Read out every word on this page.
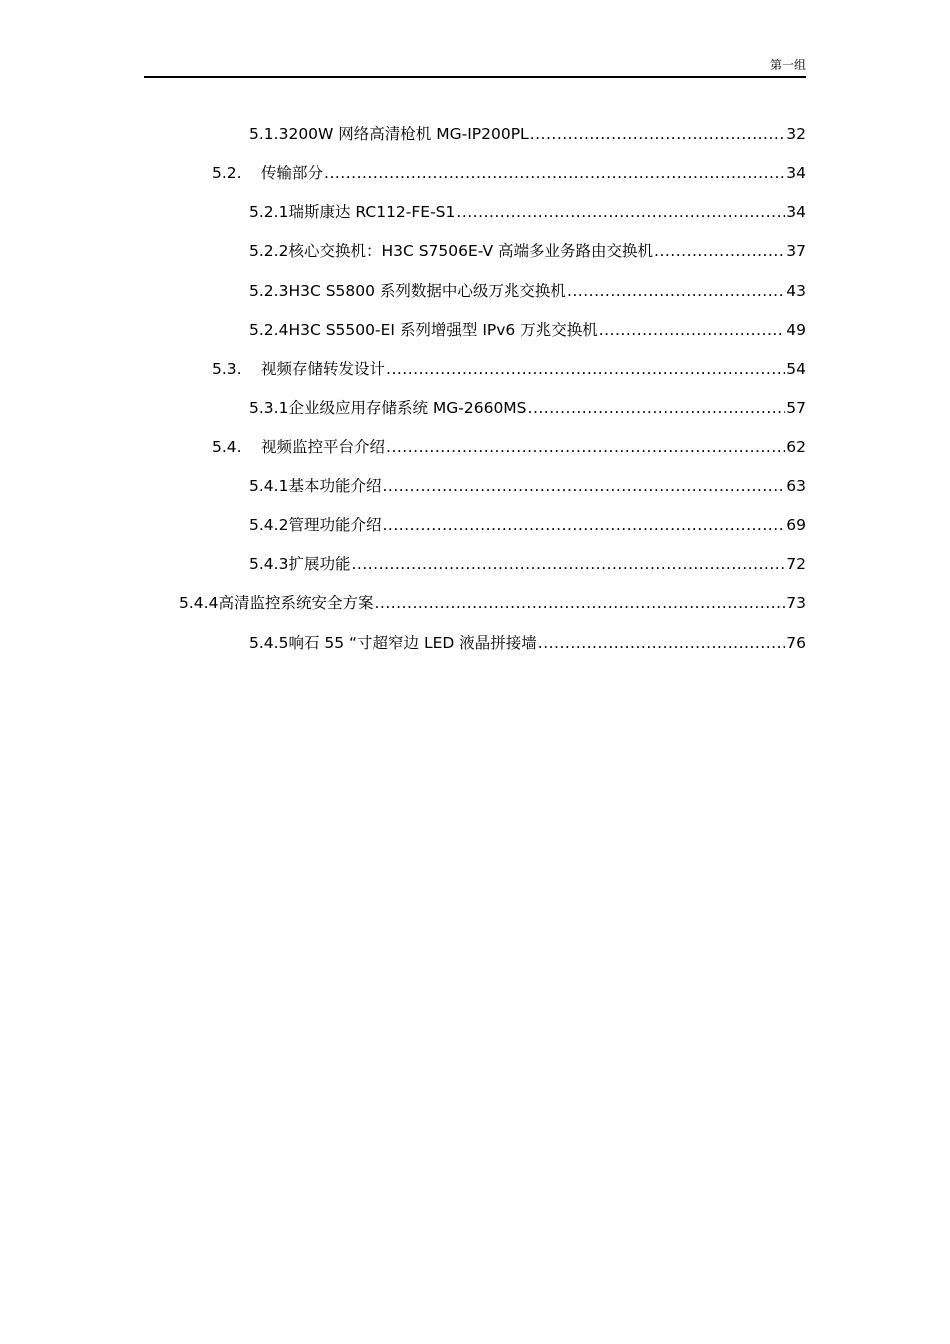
第一组
5.1.3 200W 网络高清枪机 MG-IP200PL .....	32
5.2.	传输部分 .....	34
5.2.1 瑞斯康达 RC112-FE-S1 .....	34
5.2.2 核心交换机：H3C S7506E-V 高端多业务路由交换机 .....	37
5.2.3 H3C S5800 系列数据中心级万兆交换机 .....	43
5.2.4 H3C S5500-EI 系列增强型 IPv6 万兆交换机 .....	49
5.3.	视频存储转发设计 .....	54
5.3.1 企业级应用存储系统 MG-2660MS .....	57
5.4.	视频监控平台介绍 .....	62
5.4.1 基本功能介绍 .....	63
5.4.2 管理功能介绍 .....	69
5.4.3 扩展功能 .....	72
5.4.4 高清监控系统安全方案 .....	73
5.4.5 响石 55 “寸超窄边 LED 液晶拼接墙 .....	76
